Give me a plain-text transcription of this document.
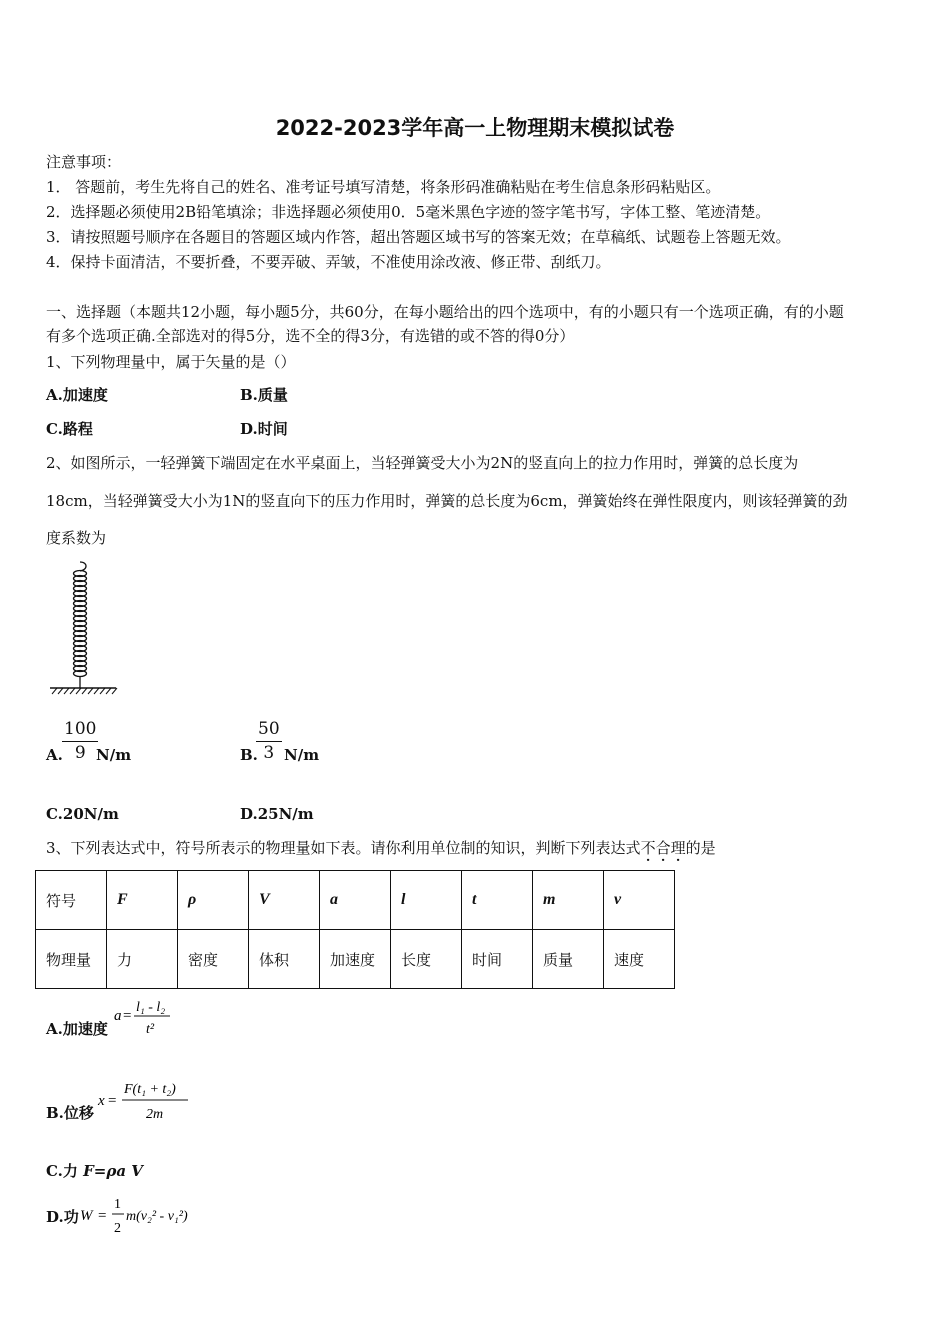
2022-2023学年高一上物理期末模拟试卷
注意事项：
1． 答题前，考生先将自己的姓名、准考证号填写清楚，将条形码准确粘贴在考生信息条形码粘贴区。
2．选择题必须使用2B铅笔填涂；非选择题必须使用0．5毫米黑色字迹的签字笔书写，字体工整、笔迹清楚。
3．请按照题号顺序在各题目的答题区域内作答，超出答题区域书写的答案无效；在草稿纸、试题卷上答题无效。
4．保持卡面清洁，不要折叠，不要弄破、弄皱，不准使用涂改液、修正带、刮纸刀。
一、选择题（本题共12小题，每小题5分，共60分，在每小题给出的四个选项中，有的小题只有一个选项正确，有的小题
有多个选项正确.全部选对的得5分，选不全的得3分，有选错的或不答的得0分）
1、下列物理量中，属于矢量的是（）
A.加速度	B.质量
C.路程	D.时间
2、如图所示，一轻弹簧下端固定在水平桌面上，当轻弹簧受大小为2N的竖直向上的拉力作用时，弹簧的总长度为
18cm，当轻弹簧受大小为1N的竖直向下的压力作用时，弹簧的总长度为6cm，弹簧始终在弹性限度内，则该轻弹簧的劲
度系数为
$\frac{100}{9}$
A. N/m	$\frac{50}{3}$
B. N/m
C.20N/m	D.25N/m
3、下列表达式中，符号所表示的物理量如下表。请你利用单位制的知识，判断下列表达式不合理的是
符号	F	ρ	V	a	l	t	m	v
物理量	力	密度	体积	加速度	长度	时间	质量	速度
A.加速度
a =
l₁ - l₂
t²
B.位移
x =
F(t₁ + t₂)
2m
C.力 F=ρa V
D.功 W =
1
2
m(v₂² - v₁²)
